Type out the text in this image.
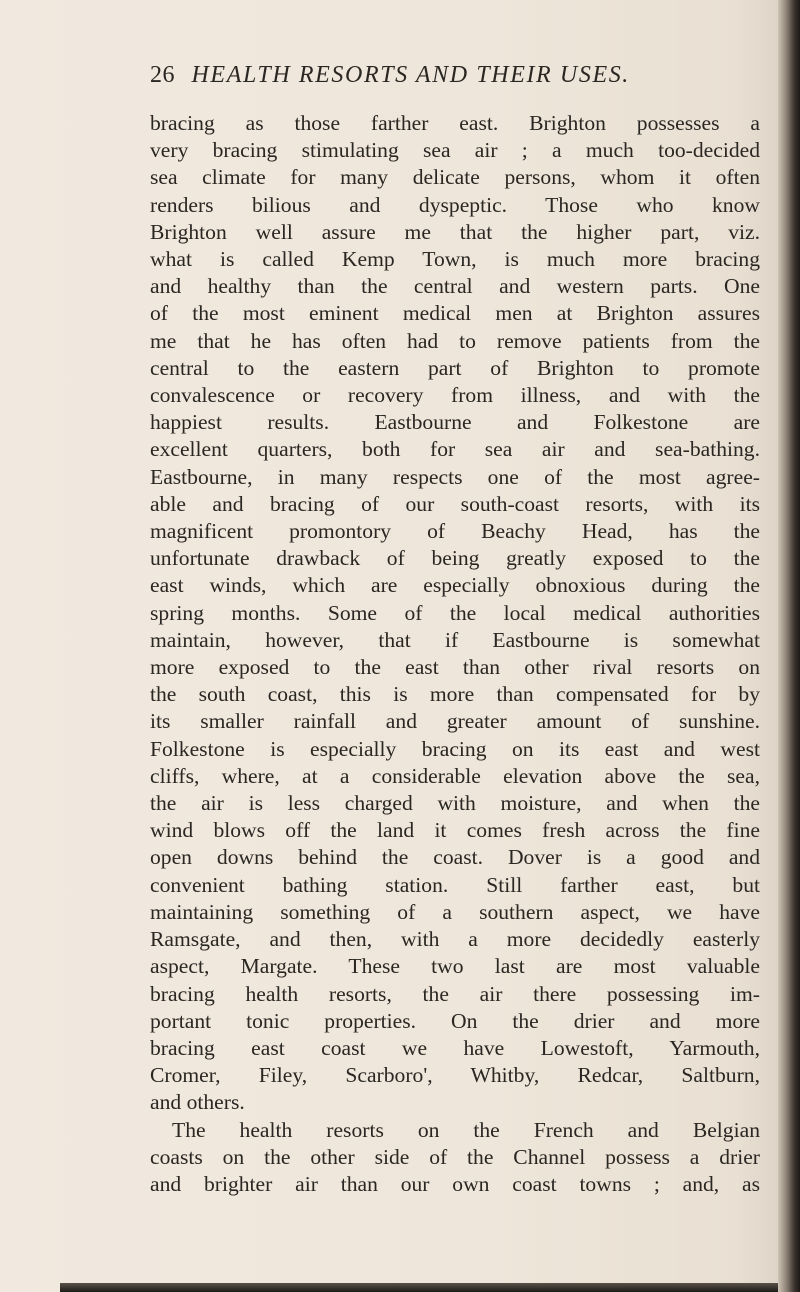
26 HEALTH RESORTS AND THEIR USES.
bracing as those farther east. Brighton possesses a
very bracing stimulating sea air ; a much too-decided
sea climate for many delicate persons, whom it often
renders bilious and dyspeptic. Those who know
Brighton well assure me that the higher part, viz.
what is called Kemp Town, is much more bracing
and healthy than the central and western parts. One
of the most eminent medical men at Brighton assures
me that he has often had to remove patients from the
central to the eastern part of Brighton to promote
convalescence or recovery from illness, and with the
happiest results. Eastbourne and Folkestone are
excellent quarters, both for sea air and sea-bathing.
Eastbourne, in many respects one of the most agree-
able and bracing of our south-coast resorts, with its
magnificent promontory of Beachy Head, has the
unfortunate drawback of being greatly exposed to the
east winds, which are especially obnoxious during the
spring months. Some of the local medical authorities
maintain, however, that if Eastbourne is somewhat
more exposed to the east than other rival resorts on
the south coast, this is more than compensated for by
its smaller rainfall and greater amount of sunshine.
Folkestone is especially bracing on its east and west
cliffs, where, at a considerable elevation above the sea,
the air is less charged with moisture, and when the
wind blows off the land it comes fresh across the fine
open downs behind the coast. Dover is a good and
convenient bathing station. Still farther east, but
maintaining something of a southern aspect, we have
Ramsgate, and then, with a more decidedly easterly
aspect, Margate. These two last are most valuable
bracing health resorts, the air there possessing im-
portant tonic properties. On the drier and more
bracing east coast we have Lowestoft, Yarmouth,
Cromer, Filey, Scarboro', Whitby, Redcar, Saltburn,
and others.
The health resorts on the French and Belgian
coasts on the other side of the Channel possess a drier
and brighter air than our own coast towns ; and, as
